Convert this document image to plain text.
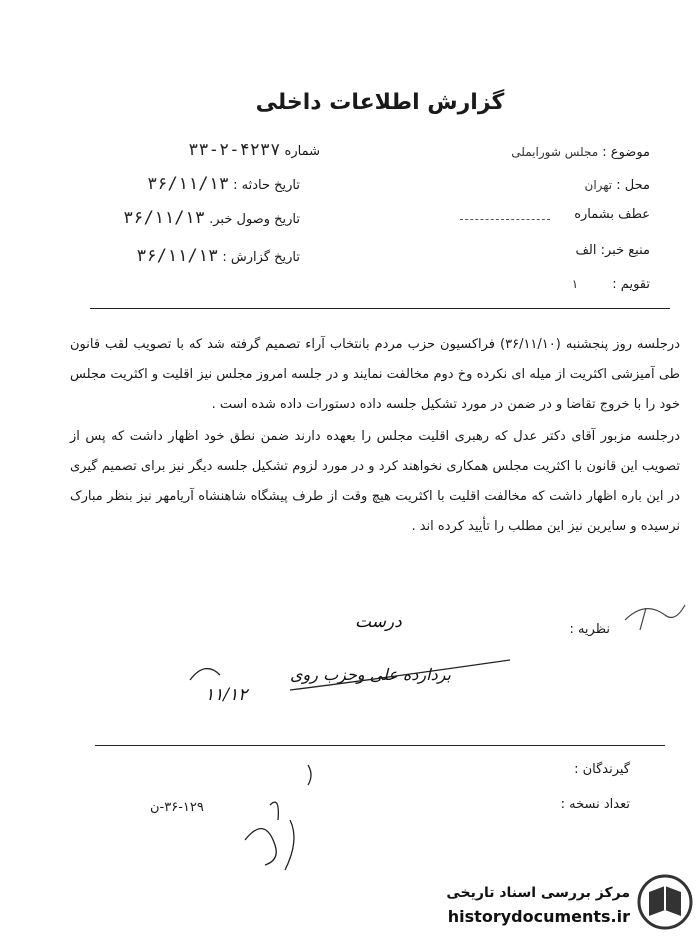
گزارش اطلاعات داخلی
موضوع : مجلس شورایملی
محل : تهران
عطف بشماره
منبع خبر: الف
تقویم : ۱
شماره ۴۲۳۷-۲-۳۳
تاریخ حادثه : ۳۶/۱۱/۱۳
تاریخ وصول خبر. ۳۶/۱۱/۱۳
تاریخ گزارش : ۳۶/۱۱/۱۳

درجلسه روز پنجشنبه (۳۶/۱۱/۱۰) فراکسیون حزب مردم بانتخاب آراء تصمیم گرفته شد که با تصویب لقب قانون طی آمیزشی اکثریت از میله ای نکرده وخ دوم مخالفت نمایند و در جلسه امروز مجلس نیز اقلیت و اکثریت مجلس خود را با خروج تقاضا و در ضمن در مورد تشکیل جلسه داده دستورات داده شده است .

درجلسه مزبور آقای دکتر عدل که رهبری اقلیت مجلس را بعهده دارند ضمن نطق خود اظهار داشت که پس از تصویب این قانون با اکثریت مجلس همکاری نخواهند کرد و در مورد لزوم تشکیل جلسه دیگر نیز برای تصمیم گیری در این باره اظهار داشت که مخالفت اقلیت با اکثریت هیچ وقت از طرف پیشگاه شاهنشاه آریامهر نیز بنظر مبارک نرسیده و سایرین نیز این مطلب را تأیید کرده اند .

نظریه :
درست
بردارده علی وحزب روی
۱۱/۱۲
گیرندگان :
تعداد نسخه :
۳۶-۱۲۹-ن
مرکز بررسی اسناد تاریخی
historydocuments.ir
